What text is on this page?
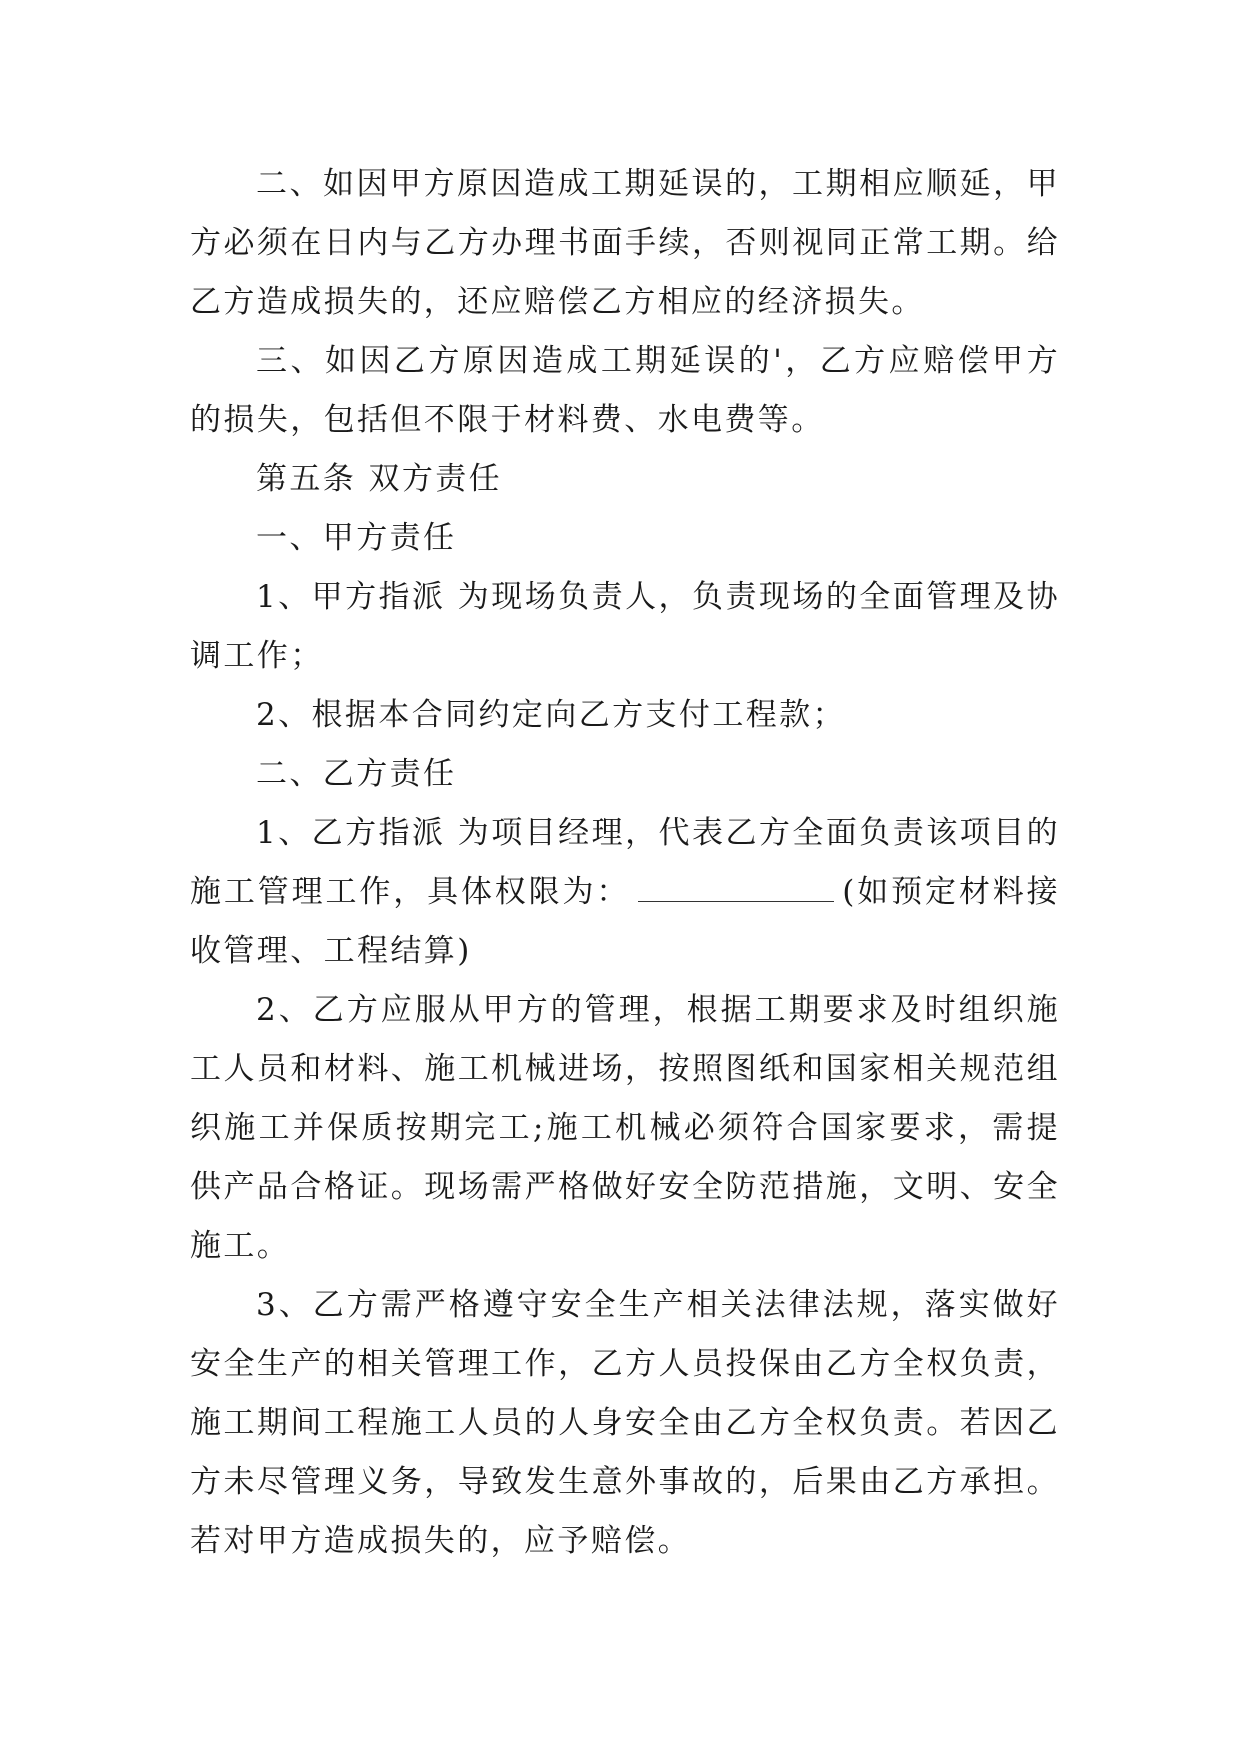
二、如因甲方原因造成工期延误的，工期相应顺延，甲方必须在日内与乙方办理书面手续，否则视同正常工期。给乙方造成损失的，还应赔偿乙方相应的经济损失。

三、如因乙方原因造成工期延误的'，乙方应赔偿甲方的损失，包括但不限于材料费、水电费等。

第五条 双方责任

一、甲方责任

1、甲方指派 为现场负责人，负责现场的全面管理及协调工作；

2、根据本合同约定向乙方支付工程款；

二、乙方责任

1、乙方指派 为项目经理，代表乙方全面负责该项目的施工管理工作，具体权限为：	(如预定材料接收管理、工程结算)

2、乙方应服从甲方的管理，根据工期要求及时组织施工人员和材料、施工机械进场，按照图纸和国家相关规范组织施工并保质按期完工;施工机械必须符合国家要求，需提供产品合格证。现场需严格做好安全防范措施，文明、安全施工。

3、乙方需严格遵守安全生产相关法律法规，落实做好安全生产的相关管理工作，乙方人员投保由乙方全权负责，施工期间工程施工人员的人身安全由乙方全权负责。若因乙方未尽管理义务，导致发生意外事故的，后果由乙方承担。若对甲方造成损失的，应予赔偿。
